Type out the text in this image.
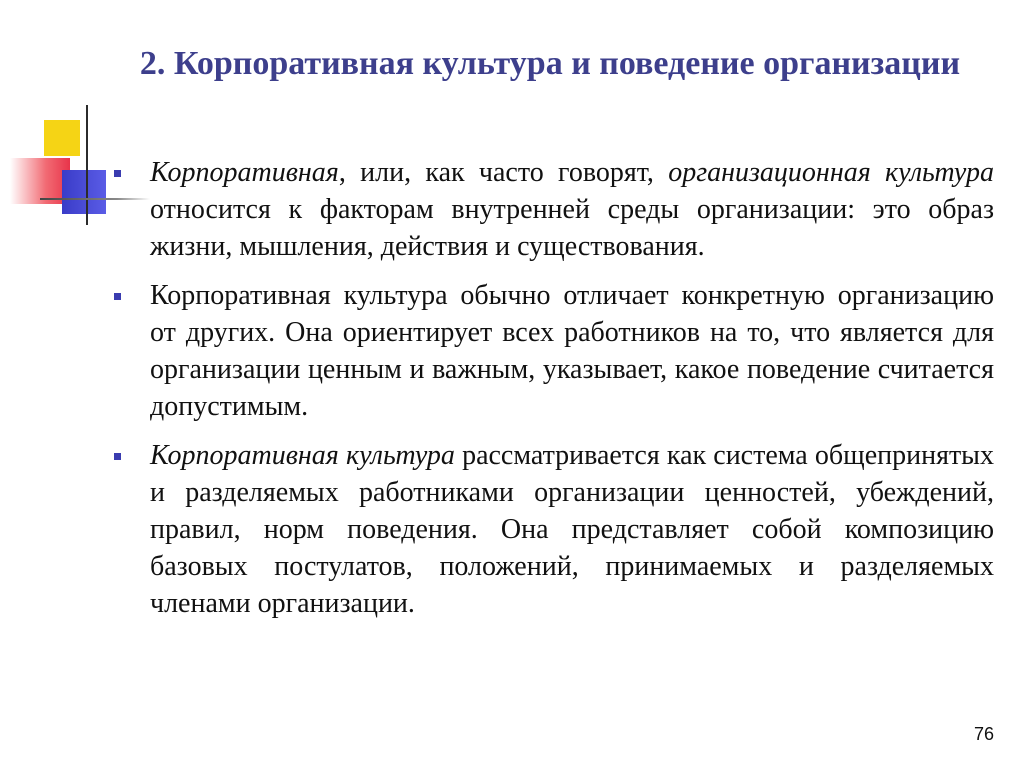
2. Корпоративная культура и поведение организации
Корпоративная, или, как часто говорят, организационная культура относится к факторам внутренней среды организации: это образ жизни, мышления, действия и существования.
Корпоративная культура обычно отличает конкретную организацию от других. Она ориентирует всех работников на то, что является для организации ценным и важным, указывает, какое поведение считается допустимым.
Корпоративная культура рассматривается как система общепринятых и разделяемых работниками организации ценностей, убеждений, правил, норм поведения. Она представляет собой композицию базовых постулатов, положений, принимаемых и разделяемых членами организации.
76
